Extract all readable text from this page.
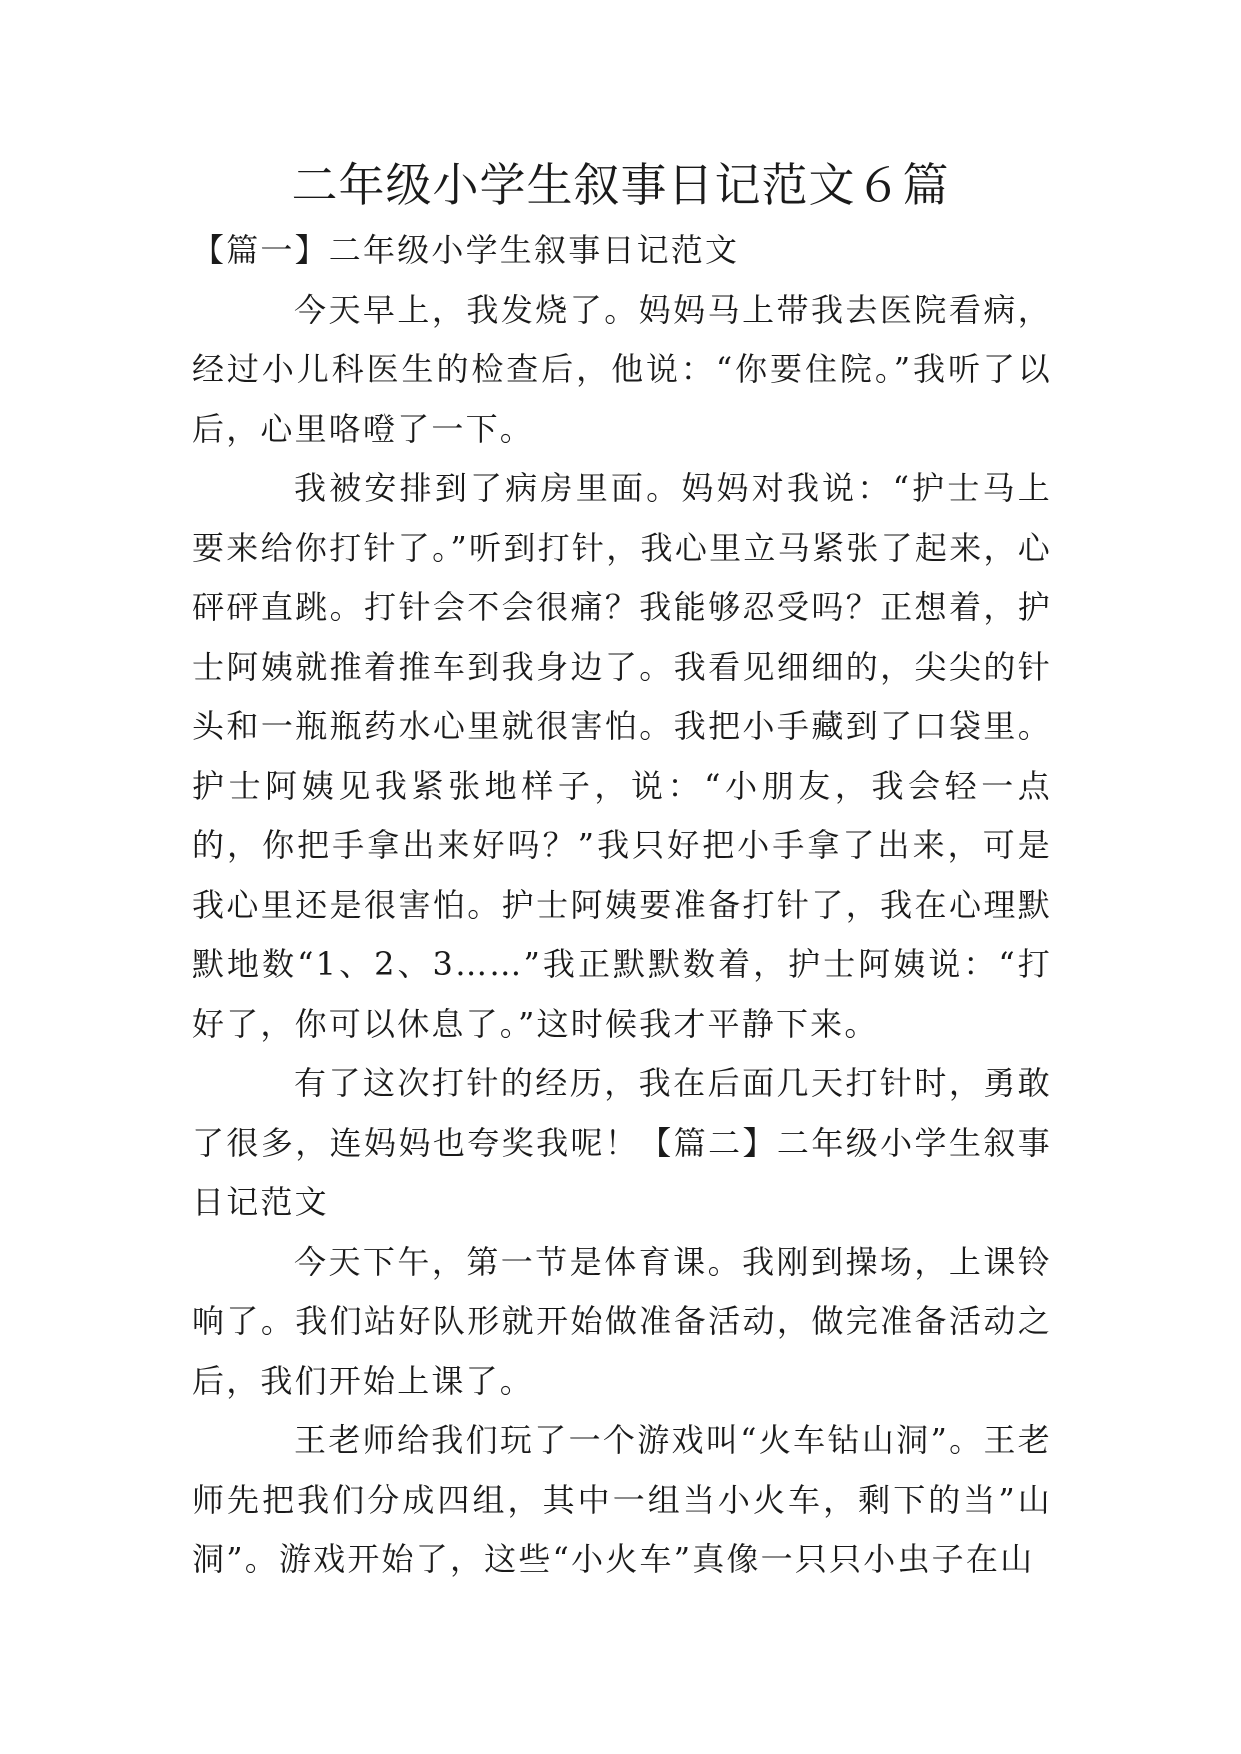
二年级小学生叙事日记范文６篇

【篇一】二年级小学生叙事日记范文

今天早上，我发烧了。妈妈马上带我去医院看病，经过小儿科医生的检查后，他说：“你要住院。”我听了以后，心里咯噔了一下。

我被安排到了病房里面。妈妈对我说：“护士马上要来给你打针了。”听到打针，我心里立马紧张了起来，心砰砰直跳。打针会不会很痛？我能够忍受吗？正想着，护士阿姨就推着推车到我身边了。我看见细细的，尖尖的针头和一瓶瓶药水心里就很害怕。我把小手藏到了口袋里。护士阿姨见我紧张地样子，说：“小朋友，我会轻一点的，你把手拿出来好吗？”我只好把小手拿了出来，可是我心里还是很害怕。护士阿姨要准备打针了，我在心理默默地数“1、2、3……”我正默默数着，护士阿姨说：“打好了，你可以休息了。”这时候我才平静下来。

有了这次打针的经历，我在后面几天打针时，勇敢了很多，连妈妈也夸奖我呢！【篇二】二年级小学生叙事日记范文

今天下午，第一节是体育课。我刚到操场，上课铃响了。我们站好队形就开始做准备活动，做完准备活动之后，我们开始上课了。

王老师给我们玩了一个游戏叫“火车钻山洞”。王老师先把我们分成四组，其中一组当小火车，剩下的当”山洞”。游戏开始了，这些“小火车”真像一只只小虫子在山
